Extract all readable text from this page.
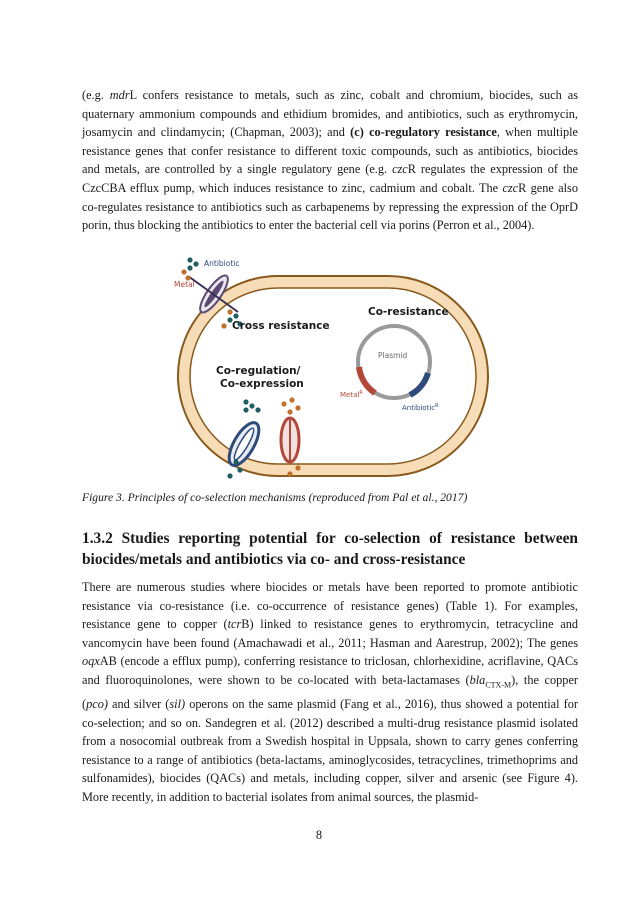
(e.g. mdrL confers resistance to metals, such as zinc, cobalt and chromium, biocides, such as quaternary ammonium compounds and ethidium bromides, and antibiotics, such as erythromycin, josamycin and clindamycin; (Chapman, 2003); and (c) co-regulatory resistance, when multiple resistance genes that confer resistance to different toxic compounds, such as antibiotics, biocides and metals, are controlled by a single regulatory gene (e.g. czcR regulates the expression of the CzcCBA efflux pump, which induces resistance to zinc, cadmium and cobalt. The czcR gene also co-regulates resistance to antibiotics such as carbapenems by repressing the expression of the OprD porin, thus blocking the antibiotics to enter the bacterial cell via porins (Perron et al., 2004).

Antibiotic
Metal
Cross resistance
Co-resistance
Plasmid
Metal$^R$
Antibiotic$^R$
Co-regulation/
Co-expression
Figure 3. Principles of co-selection mechanisms (reproduced from Pal et al., 2017)
1.3.2 Studies reporting potential for co-selection of resistance between biocides/metals and antibiotics via co- and cross-resistance

There are numerous studies where biocides or metals have been reported to promote antibiotic resistance via co-resistance (i.e. co-occurrence of resistance genes) (Table 1). For examples, resistance gene to copper (tcrB) linked to resistance genes to erythromycin, tetracycline and vancomycin have been found (Amachawadi et al., 2011; Hasman and Aarestrup, 2002); The genes oqxAB (encode a efflux pump), conferring resistance to triclosan, chlorhexidine, acriflavine, QACs and fluoroquinolones, were shown to be co-located with beta-lactamases (bla$_{CTX-M}$), the copper (pco) and silver (sil) operons on the same plasmid (Fang et al., 2016), thus showed a potential for co-selection; and so on. Sandegren et al. (2012) described a multi-drug resistance plasmid isolated from a nosocomial outbreak from a Swedish hospital in Uppsala, shown to carry genes conferring resistance to a range of antibiotics (beta-lactams, aminoglycosides, tetracyclines, trimethoprims and sulfonamides), biocides (QACs) and metals, including copper, silver and arsenic (see Figure 4). More recently, in addition to bacterial isolates from animal sources, the plasmid-

8
